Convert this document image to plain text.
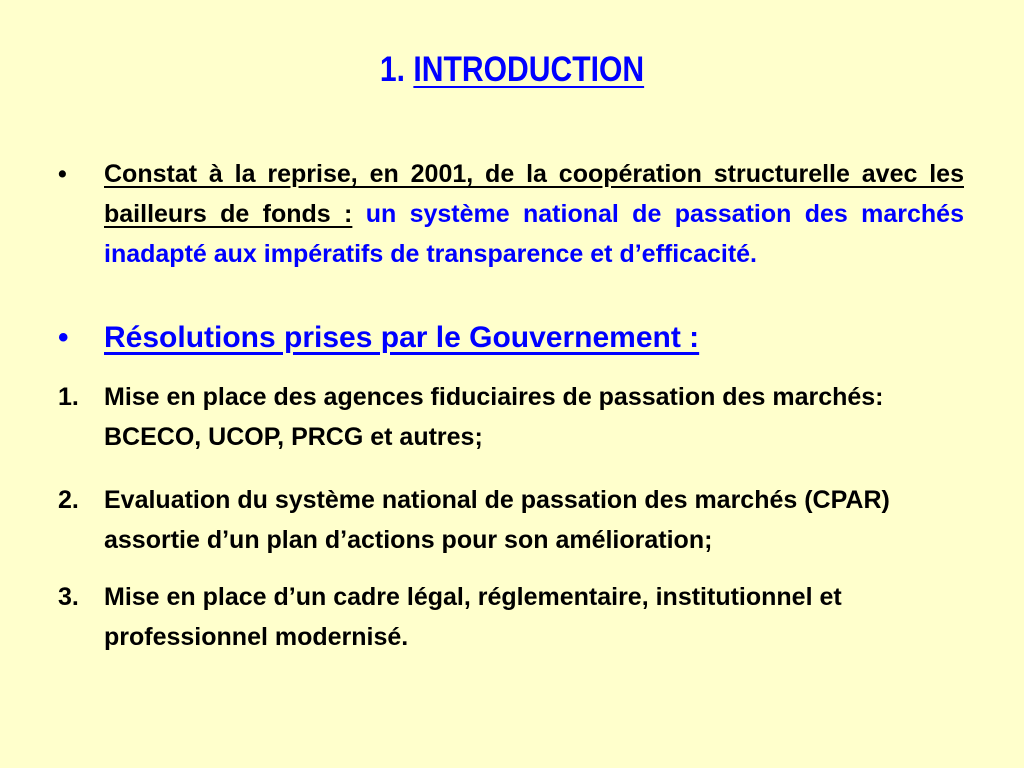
1. INTRODUCTION
• Constat à la reprise, en 2001, de la coopération structurelle avec les bailleurs de fonds : un système national de passation des marchés inadapté aux impératifs de transparence et d’efficacité.
• Résolutions prises par le Gouvernement :
1. Mise en place des agences fiduciaires de passation des marchés: BCECO, UCOP, PRCG et autres;
2. Evaluation du système national de passation des marchés (CPAR) assortie d’un plan d’actions pour son amélioration;
3. Mise en place d’un cadre légal, réglementaire, institutionnel et professionnel modernisé.
